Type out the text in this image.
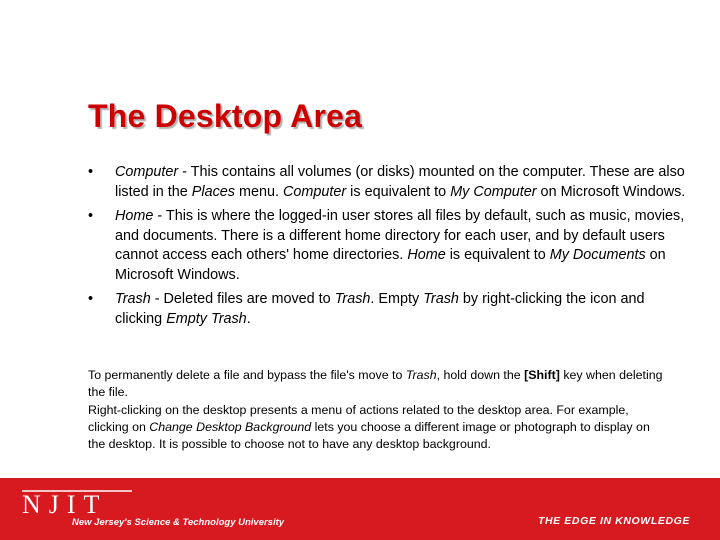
The Desktop Area
• Computer - This contains all volumes (or disks) mounted on the computer. These are also listed in the Places menu. Computer is equivalent to My Computer on Microsoft Windows.
• Home - This is where the logged-in user stores all files by default, such as music, movies, and documents. There is a different home directory for each user, and by default users cannot access each others' home directories. Home is equivalent to My Documents on Microsoft Windows.
• Trash - Deleted files are moved to Trash. Empty Trash by right-clicking the icon and clicking Empty Trash.

To permanently delete a file and bypass the file's move to Trash, hold down the [Shift] key when deleting the file.

Right-clicking on the desktop presents a menu of actions related to the desktop area. For example, clicking on Change Desktop Background lets you choose a different image or photograph to display on the desktop. It is possible to choose not to have any desktop background.

NJIT
New Jersey's Science & Technology University	THE EDGE IN KNOWLEDGE
